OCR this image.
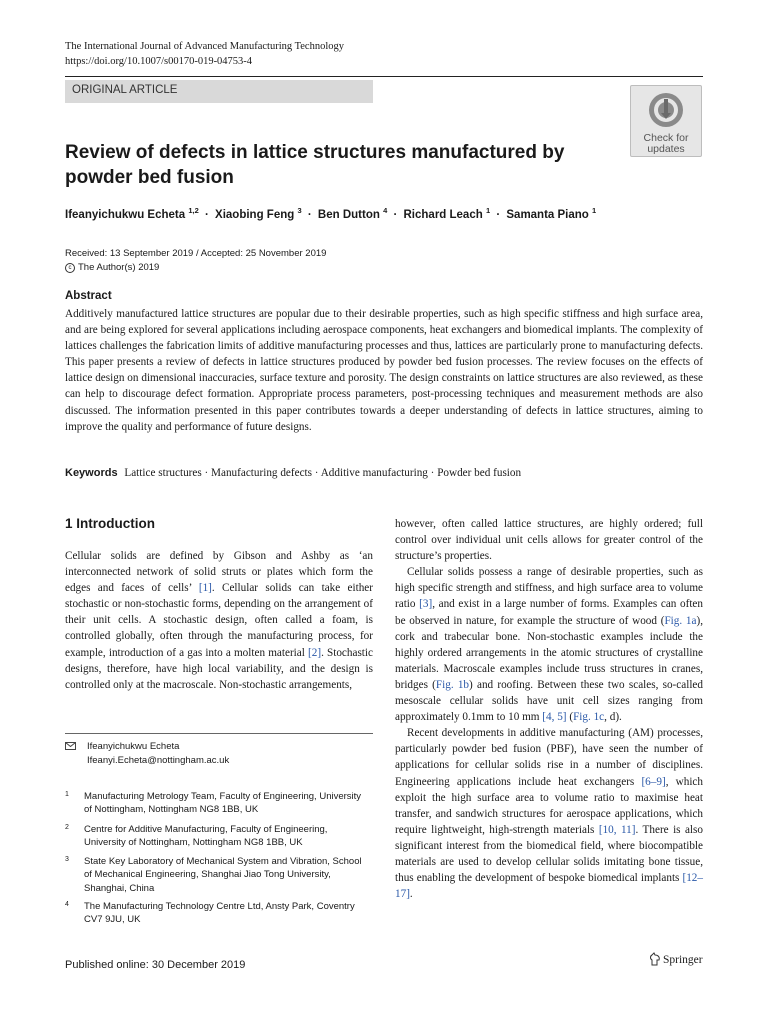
The International Journal of Advanced Manufacturing Technology
https://doi.org/10.1007/s00170-019-04753-4
ORIGINAL ARTICLE
Check for updates
Review of defects in lattice structures manufactured by powder bed fusion
Ifeanyichukwu Echeta $^{1,2}$ · Xiaobing Feng $^3$ · Ben Dutton $^4$ · Richard Leach $^1$ · Samanta Piano $^1$
Received: 13 September 2019 / Accepted: 25 November 2019
c The Author(s) 2019
Abstract

Additively manufactured lattice structures are popular due to their desirable properties, such as high specific stiffness and high surface area, and are being explored for several applications including aerospace components, heat exchangers and biomedical implants. The complexity of lattices challenges the fabrication limits of additive manufacturing processes and thus, lattices are particularly prone to manufacturing defects. This paper presents a review of defects in lattice structures produced by powder bed fusion processes. The review focuses on the effects of lattice design on dimensional inaccuracies, surface texture and porosity. The design constraints on lattice structures are also reviewed, as these can help to discourage defect formation. Appropriate process parameters, post-processing techniques and measurement methods are also discussed. The information presented in this paper contributes towards a deeper understanding of defects in lattice structures, aiming to improve the quality and performance of future designs.

Keywords Lattice structures · Manufacturing defects · Additive manufacturing · Powder bed fusion
1 Introduction

Cellular solids are defined by Gibson and Ashby as ‘an interconnected network of solid struts or plates which form the edges and faces of cells’ [1]. Cellular solids can take either stochastic or non-stochastic forms, depending on the arrangement of their unit cells. A stochastic design, often called a foam, is controlled globally, often through the manufacturing process, for example, introduction of a gas into a molten material [2]. Stochastic designs, therefore, have high local variability, and the design is controlled only at the macroscale. Non-stochastic arrangements,

however, often called lattice structures, are highly ordered; full control over individual unit cells allows for greater control of the structure’s properties.

Cellular solids possess a range of desirable properties, such as high specific strength and stiffness, and high surface area to volume ratio [3], and exist in a large number of forms. Examples can often be observed in nature, for example the structure of wood (Fig. 1a), cork and trabecular bone. Non-stochastic examples include the highly ordered arrangements in the atomic structures of crystalline materials. Macroscale examples include truss structures in cranes, bridges (Fig. 1b) and roofing. Between these two scales, so-called mesoscale cellular solids have unit cell sizes ranging from approximately 0.1mm to 10 mm [4, 5] (Fig. 1c, d).

Recent developments in additive manufacturing (AM) processes, particularly powder bed fusion (PBF), have seen the number of applications for cellular solids rise in a number of disciplines. Engineering applications include heat exchangers [6–9], which exploit the high surface area to volume ratio to maximise heat transfer, and sandwich structures for aerospace applications, which require lightweight, high-strength materials [10, 11]. There is also significant interest from the biomedical field, where biocompatible materials are used to develop cellular solids imitating bone tissue, thus enabling the development of bespoke biomedical implants [12–17].

Ifeanyichukwu Echeta
Ifeanyi.Echeta@nottingham.ac.uk
1 Manufacturing Metrology Team, Faculty of Engineering, University of Nottingham, Nottingham NG8 1BB, UK
2 Centre for Additive Manufacturing, Faculty of Engineering, University of Nottingham, Nottingham NG8 1BB, UK
3 State Key Laboratory of Mechanical System and Vibration, School of Mechanical Engineering, Shanghai Jiao Tong University, Shanghai, China
4 The Manufacturing Technology Centre Ltd, Ansty Park, Coventry CV7 9JU, UK
Published online: 30 December 2019	Springer
